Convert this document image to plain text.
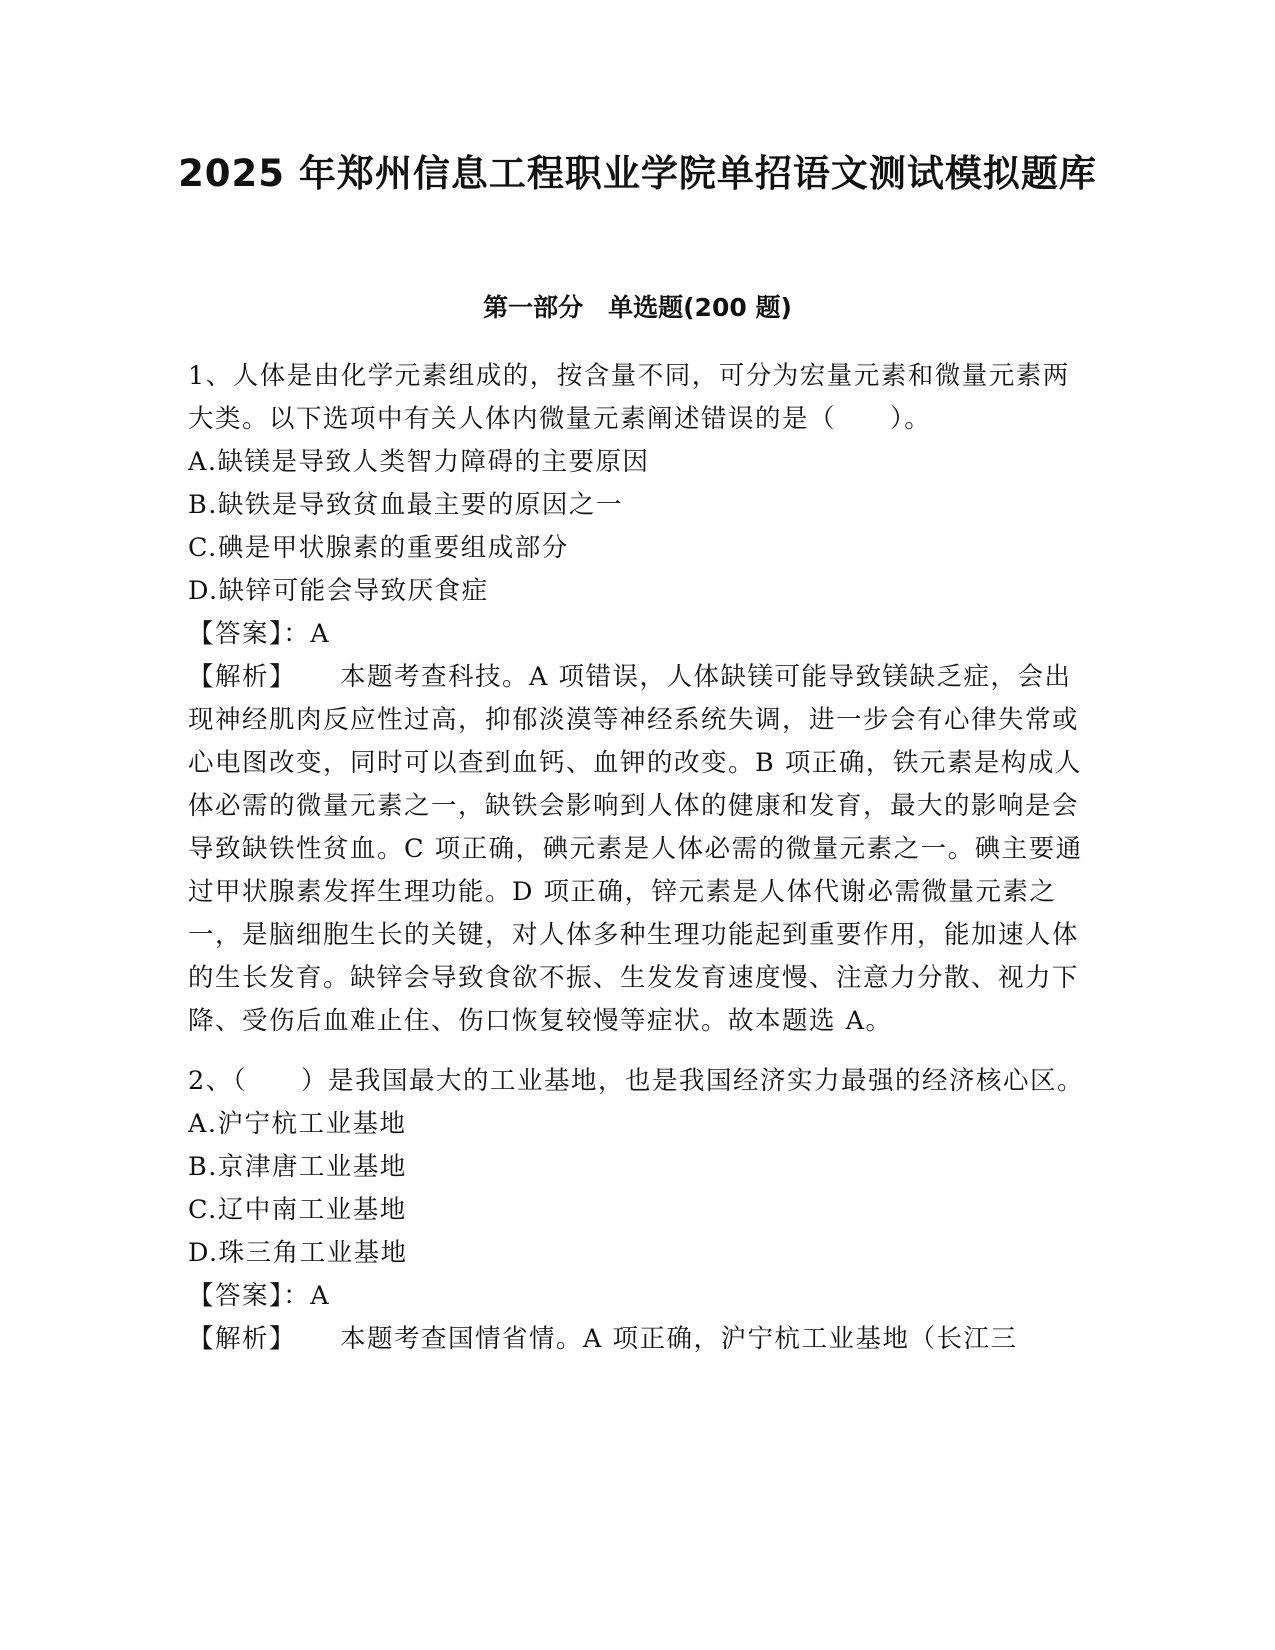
2025 年郑州信息工程职业学院单招语文测试模拟题库
第一部分　单选题(200 题)

1、人体是由化学元素组成的，按含量不同，可分为宏量元素和微量元素两大类。以下选项中有关人体内微量元素阐述错误的是（　　）。

A.缺镁是导致人类智力障碍的主要原因

B.缺铁是导致贫血最主要的原因之一

C.碘是甲状腺素的重要组成部分

D.缺锌可能会导致厌食症

【答案】：A

【解析】 本题考查科技。A 项错误，人体缺镁可能导致镁缺乏症，会出现神经肌肉反应性过高，抑郁淡漠等神经系统失调，进一步会有心律失常或心电图改变，同时可以查到血钙、血钾的改变。B 项正确，铁元素是构成人体必需的微量元素之一，缺铁会影响到人体的健康和发育，最大的影响是会导致缺铁性贫血。C 项正确，碘元素是人体必需的微量元素之一。碘主要通过甲状腺素发挥生理功能。D 项正确，锌元素是人体代谢必需微量元素之一，是脑细胞生长的关键，对人体多种生理功能起到重要作用，能加速人体的生长发育。缺锌会导致食欲不振、生发发育速度慢、注意力分散、视力下降、受伤后血难止住、伤口恢复较慢等症状。故本题选 A。

2、（　　）是我国最大的工业基地，也是我国经济实力最强的经济核心区。

A.沪宁杭工业基地

B.京津唐工业基地

C.辽中南工业基地

D.珠三角工业基地

【答案】：A

【解析】 本题考查国情省情。A 项正确，沪宁杭工业基地（长江三
